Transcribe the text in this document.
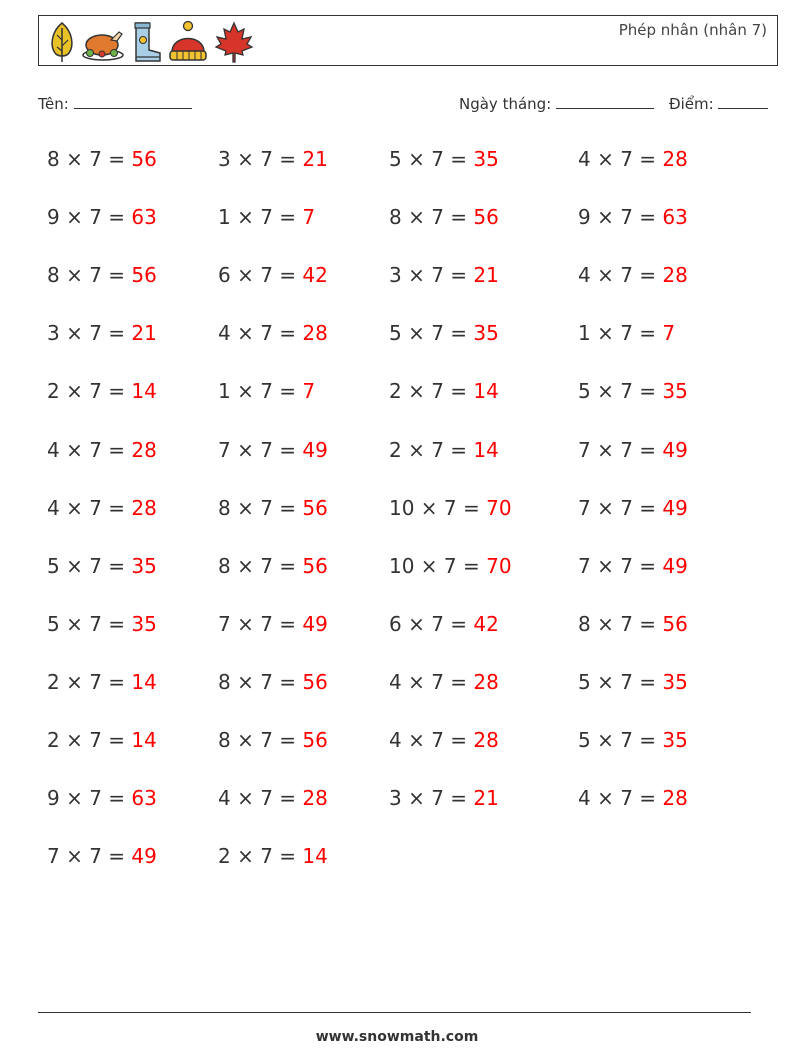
Phép nhân (nhân 7)
Tên:	Ngày tháng:	Điểm:
8 × 7 = 56	3 × 7 = 21	5 × 7 = 35	4 × 7 = 28
9 × 7 = 63	1 × 7 = 7	8 × 7 = 56	9 × 7 = 63
8 × 7 = 56	6 × 7 = 42	3 × 7 = 21	4 × 7 = 28
3 × 7 = 21	4 × 7 = 28	5 × 7 = 35	1 × 7 = 7
2 × 7 = 14	1 × 7 = 7	2 × 7 = 14	5 × 7 = 35
4 × 7 = 28	7 × 7 = 49	2 × 7 = 14	7 × 7 = 49
4 × 7 = 28	8 × 7 = 56	10 × 7 = 70	7 × 7 = 49
5 × 7 = 35	8 × 7 = 56	10 × 7 = 70	7 × 7 = 49
5 × 7 = 35	7 × 7 = 49	6 × 7 = 42	8 × 7 = 56
2 × 7 = 14	8 × 7 = 56	4 × 7 = 28	5 × 7 = 35
2 × 7 = 14	8 × 7 = 56	4 × 7 = 28	5 × 7 = 35
9 × 7 = 63	4 × 7 = 28	3 × 7 = 21	4 × 7 = 28
7 × 7 = 49	2 × 7 = 14
www.snowmath.com
